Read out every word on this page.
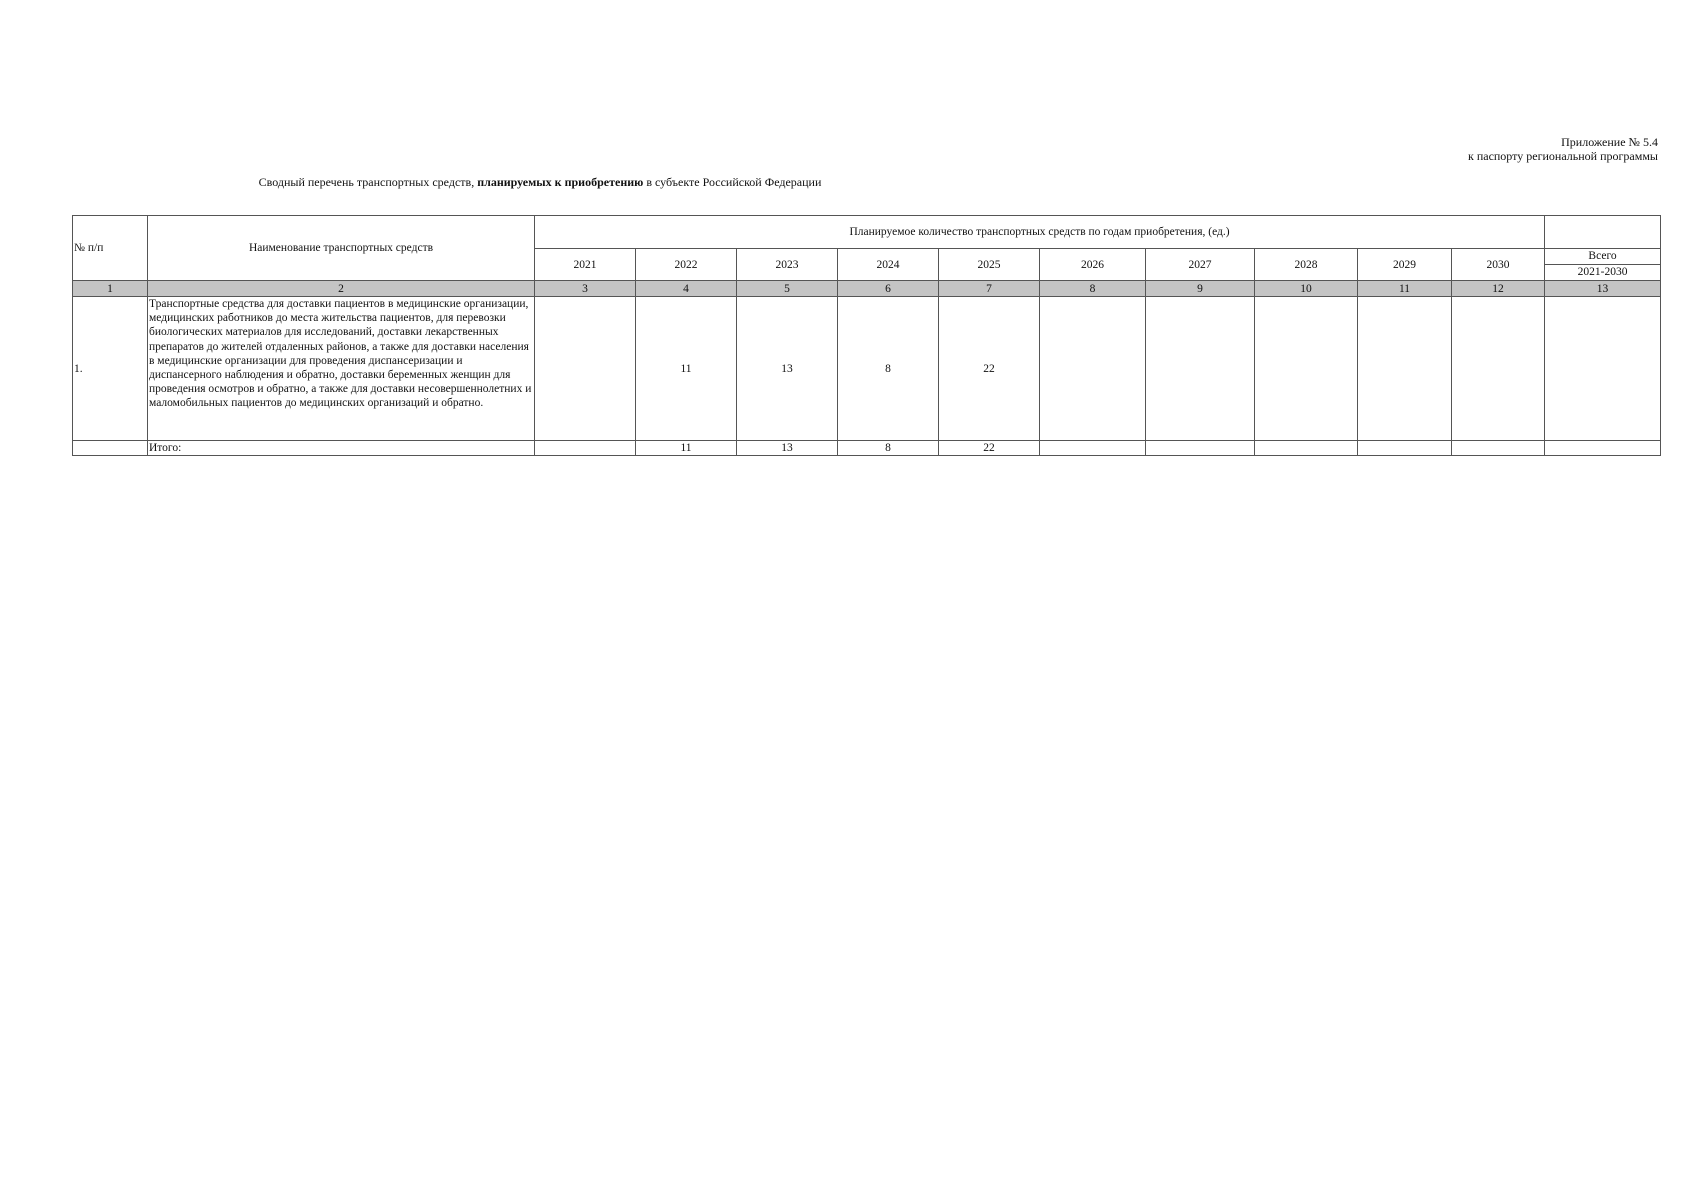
Приложение № 5.4
к паспорту региональной программы
Сводный перечень транспортных средств, планируемых к приобретению в субъекте Российской Федерации
№ п/п	Наименование транспортных средств	Планируемое количество транспортных средств по годам приобретения, (ед.)										
		2021	2022	2023	2024	2025	2026	2027	2028	2029	2030	Всего
2021-2030

1	2	3	4	5	6	7	8	9	10	11	12	13
1.	Транспортные средства для доставки пациентов в медицинские организации, медицинских работников до места жительства пациентов, для перевозки биологических материалов для исследований, доставки лекарственных препаратов до жителей отдаленных районов, а также для доставки населения в медицинские организации для проведения диспансеризации и диспансерного наблюдения и обратно, доставки беременных женщин для проведения осмотров и обратно, а также для доставки несовершеннолетних и маломобильных пациентов до медицинских организаций и обратно.		11	13	8	22						
	Итого:		11	13	8	22						
